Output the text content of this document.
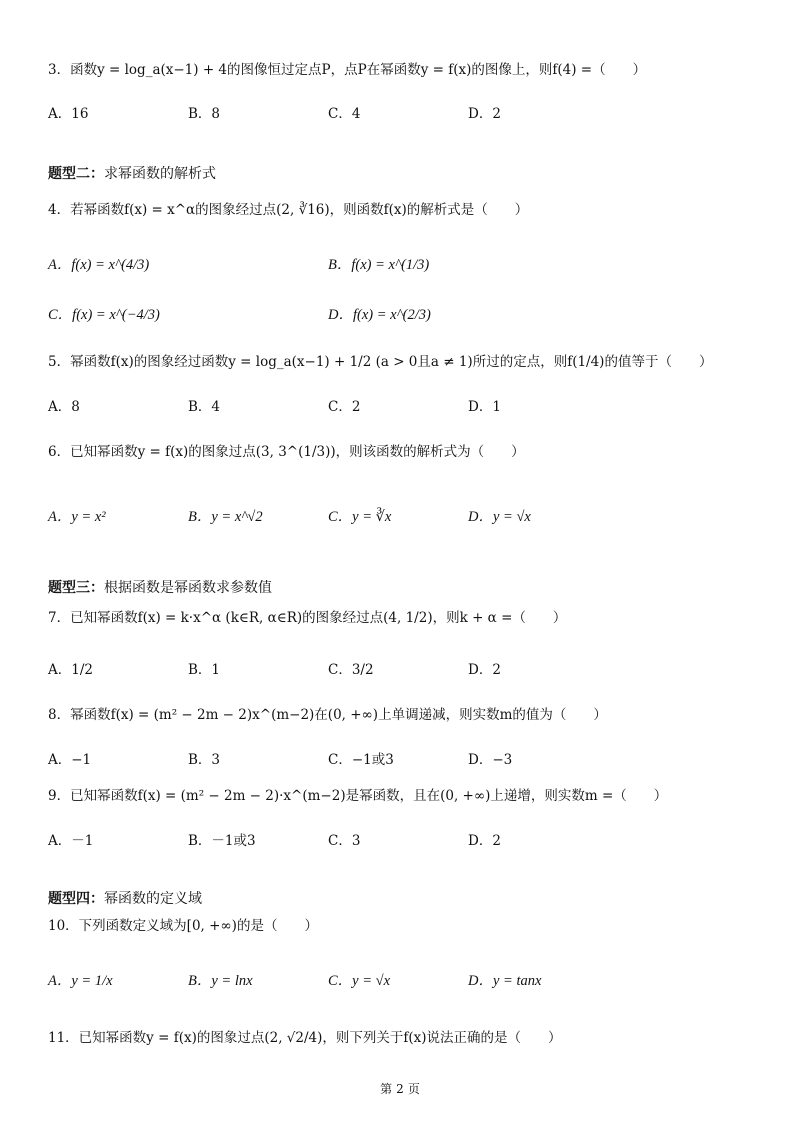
3．函数y = log_a(x−1) + 4的图像恒过定点P，点P在幂函数y = f(x)的图像上，则f(4) =（　　）
A．16	B．8	C．4	D．2
题型二：求幂函数的解析式
4．若幂函数f(x) = x^α的图象经过点(2, ∛16)，则函数f(x)的解析式是（　　）
A．f(x) = x^(4/3)	B．f(x) = x^(1/3)
C．f(x) = x^(−4/3)	D．f(x) = x^(2/3)
5．幂函数f(x)的图象经过函数y = log_a(x−1) + 1/2 (a > 0且a ≠ 1)所过的定点，则f(1/4)的值等于（　　）
A．8	B．4	C．2	D．1
6．已知幂函数y = f(x)的图象过点(3, 3^(1/3))，则该函数的解析式为（　　）
A．y = x²	B．y = x^√2	C．y = ∛x	D．y = √x
题型三：根据函数是幂函数求参数值
7．已知幂函数f(x) = k·x^α (k∈R, α∈R)的图象经过点(4, 1/2)，则k + α =（　　）
A．1/2	B．1	C．3/2	D．2
8．幂函数f(x) = (m² − 2m − 2)x^(m−2)在(0, +∞)上单调递减，则实数m的值为（　　）
A．−1	B．3	C．−1或3	D．−3
9．已知幂函数f(x) = (m² − 2m − 2)·x^(m−2)是幂函数，且在(0, +∞)上递增，则实数m =（　　）
A．－1	B．－1或3	C．3	D．2
题型四：幂函数的定义域
10．下列函数定义域为[0, +∞)的是（　　）
A．y = 1/x	B．y = lnx	C．y = √x	D．y = tanx
11．已知幂函数y = f(x)的图象过点(2, √2/4)，则下列关于f(x)说法正确的是（　　）
第 2 页
